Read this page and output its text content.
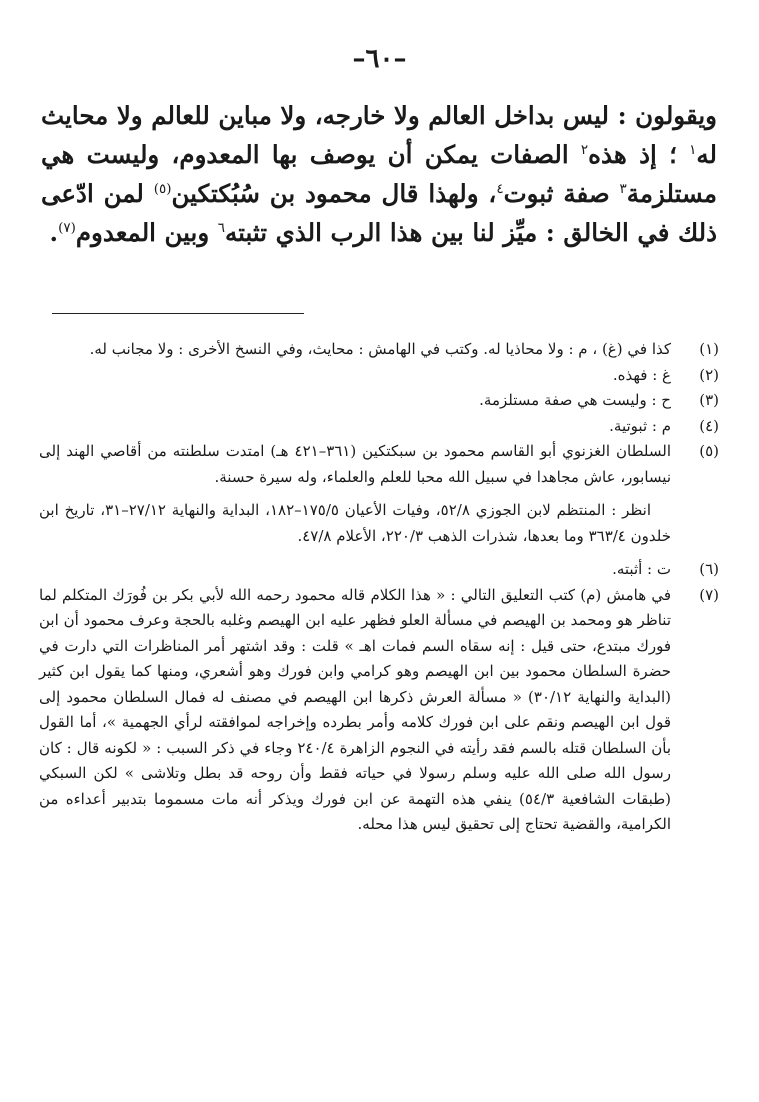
–٦٠–

ويقولون : ليس بداخل العالم ولا خارجه، ولا مباين للعالم ولا محايث له$^١$ ؛ إذ هذه$^٢$ الصفات يمكن أن يوصف بها المعدوم، وليست هي مستلزمة$^٣$ صفة ثبوت$^٤$، ولهذا قال محمود بن سُبُكتكين$^{(٥)}$ لمن ادّعى ذلك في الخالق : ميِّز لنا بين هذا الرب الذي تثبته$^٦$ وبين المعدوم$^{(٧)}$.

(١)
كذا في (غ) ، م : ولا محاذيا له. وكتب في الهامش : محايث، وفي النسخ الأخرى : ولا مجانب له.
(٢)
غ : فهذه.
(٣)
ح : وليست هي صفة مستلزمة.
(٤)
م : ثبوتية.
(٥)
السلطان الغزنوي أبو القاسم محمود بن سبكتكين (٣٦١–٤٢١ هـ) امتدت سلطنته من أقاصي الهند إلى نيسابور، عاش مجاهدا في سبيل الله محبا للعلم والعلماء، وله سيرة حسنة.
انظر : المنتظم لابن الجوزي ٥٢/٨، وفيات الأعيان ١٧٥/٥–١٨٢، البداية والنهاية ٢٧/١٢–٣١، تاريخ ابن خلدون ٣٦٣/٤ وما بعدها، شذرات الذهب ٢٢٠/٣، الأعلام ٤٧/٨.
(٦)
ت : أثبته.
(٧)
في هامش (م) كتب التعليق التالي : « هذا الكلام قاله محمود رحمه الله لأبي بكر بن فُورَك المتكلم لما تناظر هو ومحمد بن الهيصم في مسألة العلو فظهر عليه ابن الهيصم وغلبه بالحجة وعرف محمود أن ابن فورك مبتدع، حتى قيل : إنه سقاه السم فمات اهـ » قلت : وقد اشتهر أمر المناظرات التي دارت في حضرة السلطان محمود بين ابن الهيصم وهو كرامي وابن فورك وهو أشعري، ومنها كما يقول ابن كثير (البداية والنهاية ٣٠/١٢) « مسألة العرش ذكرها ابن الهيصم في مصنف له فمال السلطان محمود إلى قول ابن الهيصم ونقم على ابن فورك كلامه وأمر بطرده وإخراجه لموافقته لرأي الجهمية »، أما القول بأن السلطان قتله بالسم فقد رأيته في النجوم الزاهرة ٢٤٠/٤ وجاء في ذكر السبب : « لكونه قال : كان رسول الله صلى الله عليه وسلم رسولا في حياته فقط وأن روحه قد بطل وتلاشى » لكن السبكي (طبقات الشافعية ٥٤/٣) ينفي هذه التهمة عن ابن فورك ويذكر أنه مات مسموما بتدبير أعداءه من الكرامية، والقضية تحتاج إلى تحقيق ليس هذا محله.
